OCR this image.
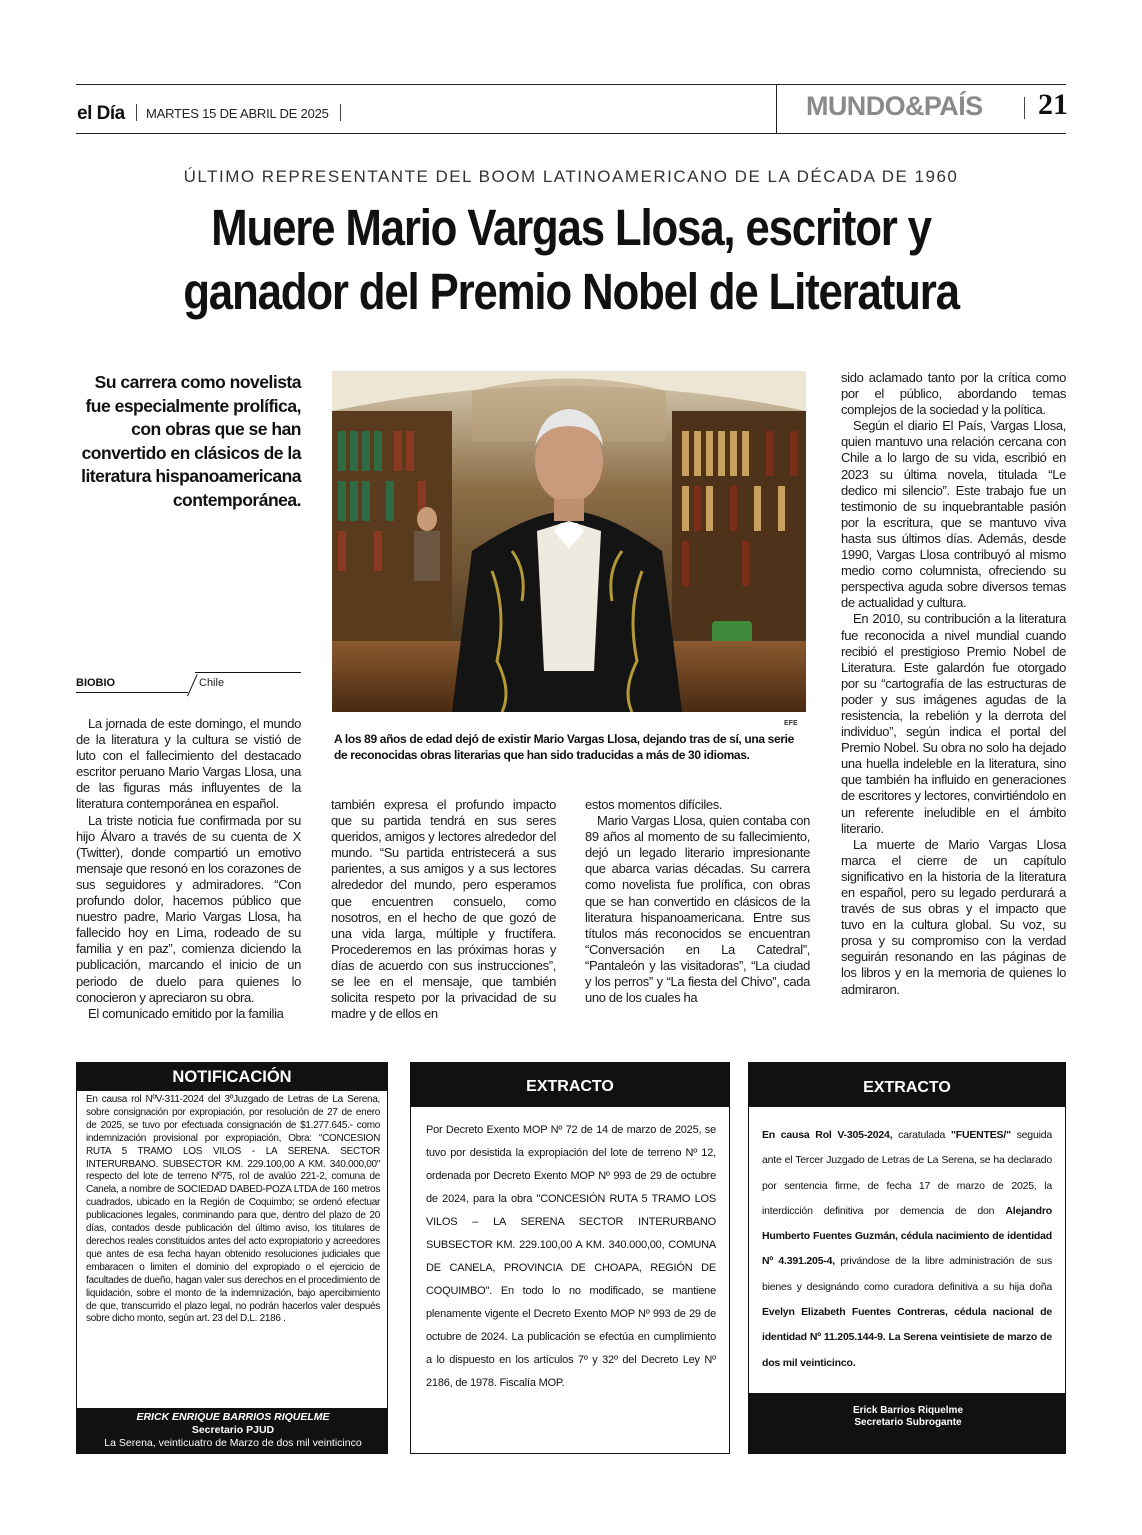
el Día MARTES 15 DE ABRIL DE 2025	MUNDO&PAÍS 21
ÚLTIMO REPRESENTANTE DEL BOOM LATINOAMERICANO DE LA DÉCADA DE 1960
Muere Mario Vargas Llosa, escritor y
ganador del Premio Nobel de Literatura
Su carrera como novelista fue especialmente prolífica, con obras que se han convertido en clásicos de la literatura hispanoamericana contemporánea.
BIOBIO	Chile
EFE
A los 89 años de edad dejó de existir Mario Vargas Llosa, dejando tras de sí, una serie de reconocidas obras literarias que han sido traducidas a más de 30 idiomas.

La jornada de este domingo, el mundo de la literatura y la cultura se vistió de luto con el fallecimiento del destacado escritor peruano Mario Vargas Llosa, una de las figuras más influyentes de la literatura contemporánea en español.

La triste noticia fue confirmada por su hijo Álvaro a través de su cuenta de X (Twitter), donde compartió un emotivo mensaje que resonó en los corazones de sus seguidores y admiradores. “Con profundo dolor, hacemos público que nuestro padre, Mario Vargas Llosa, ha fallecido hoy en Lima, rodeado de su familia y en paz”, comienza diciendo la publicación, marcando el inicio de un periodo de duelo para quienes lo conocieron y apreciaron su obra.

El comunicado emitido por la familia

también expresa el profundo impacto que su partida tendrá en sus seres queridos, amigos y lectores alrededor del mundo. “Su partida entristecerá a sus parientes, a sus amigos y a sus lectores alrededor del mundo, pero esperamos que encuentren consuelo, como nosotros, en el hecho de que gozó de una vida larga, múltiple y fructífera. Procederemos en las próximas horas y días de acuerdo con sus instrucciones”, se lee en el mensaje, que también solicita respeto por la privacidad de su madre y de ellos en

estos momentos difíciles.

Mario Vargas Llosa, quien contaba con 89 años al momento de su fallecimiento, dejó un legado literario impresionante que abarca varias décadas. Su carrera como novelista fue prolífica, con obras que se han convertido en clásicos de la literatura hispanoamericana. Entre sus títulos más reconocidos se encuentran “Conversación en La Catedral”, “Pantaleón y las visitadoras”, “La ciudad y los perros” y “La fiesta del Chivo”, cada uno de los cuales ha

sido aclamado tanto por la crítica como por el público, abordando temas complejos de la sociedad y la política.

Según el diario El País, Vargas Llosa, quien mantuvo una relación cercana con Chile a lo largo de su vida, escribió en 2023 su última novela, titulada “Le dedico mi silencio”. Este trabajo fue un testimonio de su inquebrantable pasión por la escritura, que se mantuvo viva hasta sus últimos días. Además, desde 1990, Vargas Llosa contribuyó al mismo medio como columnista, ofreciendo su perspectiva aguda sobre diversos temas de actualidad y cultura.

En 2010, su contribución a la literatura fue reconocida a nivel mundial cuando recibió el prestigioso Premio Nobel de Literatura. Este galardón fue otorgado por su “cartografía de las estructuras de poder y sus imágenes agudas de la resistencia, la rebelión y la derrota del individuo”, según indica el portal del Premio Nobel. Su obra no solo ha dejado una huella indeleble en la literatura, sino que también ha influido en generaciones de escritores y lectores, convirtiéndolo en un referente ineludible en el ámbito literario.

La muerte de Mario Vargas Llosa marca el cierre de un capítulo significativo en la historia de la literatura en español, pero su legado perdurará a través de sus obras y el impacto que tuvo en la cultura global. Su voz, su prosa y su compromiso con la verdad seguirán resonando en las páginas de los libros y en la memoria de quienes lo admiraron.

NOTIFICACIÓN
En causa rol NºV-311-2024 del 3ºJuzgado de Letras de La Serena, sobre consignación por expropiación, por resolución de 27 de enero de 2025, se tuvo por efectuada consignación de $1.277.645.- como indemnización provisional por expropiación, Obra: "CONCESION RUTA 5 TRAMO LOS VILOS - LA SERENA. SECTOR INTERURBANO. SUBSECTOR KM. 229.100,00 A KM. 340.000,00" respecto del lote de terreno Nº75, rol de avalúo 221-2, comuna de Canela, a nombre de SOCIEDAD DABED-POZA LTDA de 160 metros cuadrados, ubicado en la Región de Coquimbo; se ordenó efectuar publicaciones legales, conminando para que, dentro del plazo de 20 días, contados desde publicación del último aviso, los titulares de derechos reales constituidos antes del acto expropiatorio y acreedores que antes de esa fecha hayan obtenido resoluciones judiciales que embaracen o limiten el dominio del expropiado o el ejercicio de facultades de dueño, hagan valer sus derechos en el procedimiento de liquidación, sobre el monto de la indemnización, bajo apercibimiento de que, transcurrido el plazo legal, no podrán hacerlos valer después sobre dicho monto, según art. 23 del D.L. 2186 .
ERICK ENRIQUE BARRIOS RIQUELME
Secretario PJUD
La Serena, veinticuatro de Marzo de dos mil veinticinco
EXTRACTO
Por Decreto Exento MOP Nº 72 de 14 de marzo de 2025, se tuvo por desistida la expropiación del lote de terreno Nº 12, ordenada por Decreto Exento MOP Nº 993 de 29 de octubre de 2024, para la obra "CONCESIÓN RUTA 5 TRAMO LOS VILOS – LA SERENA SECTOR INTERURBANO SUBSECTOR KM. 229.100,00 A KM. 340.000,00, COMUNA DE CANELA, PROVINCIA DE CHOAPA, REGIÓN DE COQUIMBO". En todo lo no modificado, se mantiene plenamente vigente el Decreto Exento MOP Nº 993 de 29 de octubre de 2024. La publicación se efectúa en cumplimiento a lo dispuesto en los artículos 7º y 32º del Decreto Ley Nº 2186, de 1978. Fiscalía MOP.
EXTRACTO
En causa Rol V-305-2024, caratulada "FUENTES/" seguida ante el Tercer Juzgado de Letras de La Serena, se ha declarado por sentencia firme, de fecha 17 de marzo de 2025, la interdicción definitiva por demencia de don Alejandro Humberto Fuentes Guzmán, cédula nacimiento de identidad Nº 4.391.205-4, privándose de la libre administración de sus bienes y designándo como curadora definitiva a su hija doña Evelyn Elizabeth Fuentes Contreras, cédula nacional de identidad Nº 11.205.144-9. La Serena veintisiete de marzo de dos mil veinticinco.
Erick Barrios Riquelme
Secretario Subrogante
